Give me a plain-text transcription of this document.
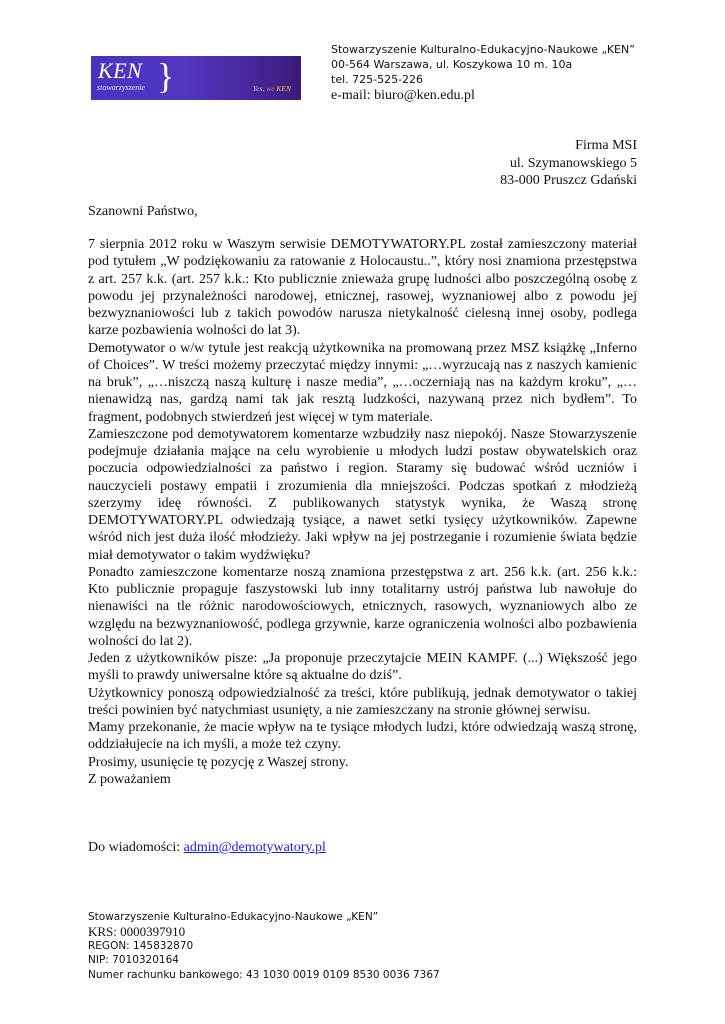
KEN
stowarzyszenie }	Yes, we KEN
Stowarzyszenie Kulturalno-Edukacyjno-Naukowe „KEN”
00-564 Warszawa, ul. Koszykowa 10 m. 10a
tel. 725-525-226
e-mail: biuro@ken.edu.pl
Firma MSI
ul. Szymanowskiego 5
83-000 Pruszcz Gdański
Szanowni Państwo,

7 sierpnia 2012 roku w Waszym serwisie DEMOTYWATORY.PL został zamieszczony materiał pod tytułem „W podziękowaniu za ratowanie z Holocaustu..”, który nosi znamiona przestępstwa z art. 257 k.k. (art. 257 k.k.: Kto publicznie znieważa grupę ludności albo poszczególną osobę z powodu jej przynależności narodowej, etnicznej, rasowej, wyznaniowej albo z powodu jej bezwyznaniowości lub z takich powodów narusza nietykalność cielesną innej osoby, podlega karze pozbawienia wolności do lat 3).

Demotywator o w/w tytule jest reakcją użytkownika na promowaną przez MSZ książkę „Inferno of Choices”. W treści możemy przeczytać między innymi: „…wyrzucają nas z naszych kamienic na bruk”, „…niszczą naszą kulturę i nasze media”, „…oczerniają nas na każdym kroku”, „…nienawidzą nas, gardzą nami tak jak resztą ludzkości, nazywaną przez nich bydłem”. To fragment, podobnych stwierdzeń jest więcej w tym materiale.

Zamieszczone pod demotywatorem komentarze wzbudziły nasz niepokój. Nasze Stowarzyszenie podejmuje działania mające na celu wyrobienie u młodych ludzi postaw obywatelskich oraz poczucia odpowiedzialności za państwo i region. Staramy się budować wśród uczniów i nauczycieli postawy empatii i zrozumienia dla mniejszości. Podczas spotkań z młodzieżą szerzymy ideę równości. Z publikowanych statystyk wynika, że Waszą stronę DEMOTYWATORY.PL odwiedzają tysiące, a nawet setki tysięcy użytkowników. Zapewne wśród nich jest duża ilość młodzieży. Jaki wpływ na jej postrzeganie i rozumienie świata będzie miał demotywator o takim wydźwięku?

Ponadto zamieszczone komentarze noszą znamiona przestępstwa z art. 256 k.k. (art. 256 k.k.: Kto publicznie propaguje faszystowski lub inny totalitarny ustrój państwa lub nawołuje do nienawiści na tle różnic narodowościowych, etnicznych, rasowych, wyznaniowych albo ze względu na bezwyznaniowość, podlega grzywnie, karze ograniczenia wolności albo pozbawienia wolności do lat 2).

Jeden z użytkowników pisze: „Ja proponuje przeczytajcie MEIN KAMPF. (...) Większość jego myśli to prawdy uniwersalne które są aktualne do dziś”.

Użytkownicy ponoszą odpowiedzialność za treści, które publikują, jednak demotywator o takiej treści powinien być natychmiast usunięty, a nie zamieszczany na stronie głównej serwisu.

Mamy przekonanie, że macie wpływ na te tysiące młodych ludzi, które odwiedzają waszą stronę, oddziałujecie na ich myśli, a może też czyny.

Prosimy, usunięcie tę pozycję z Waszej strony.

Z poważaniem

Do wiadomości: admin@demotywatory.pl
Stowarzyszenie Kulturalno-Edukacyjno-Naukowe „KEN”
KRS: 0000397910
REGON: 145832870
NIP: 7010320164
Numer rachunku bankowego: 43 1030 0019 0109 8530 0036 7367
